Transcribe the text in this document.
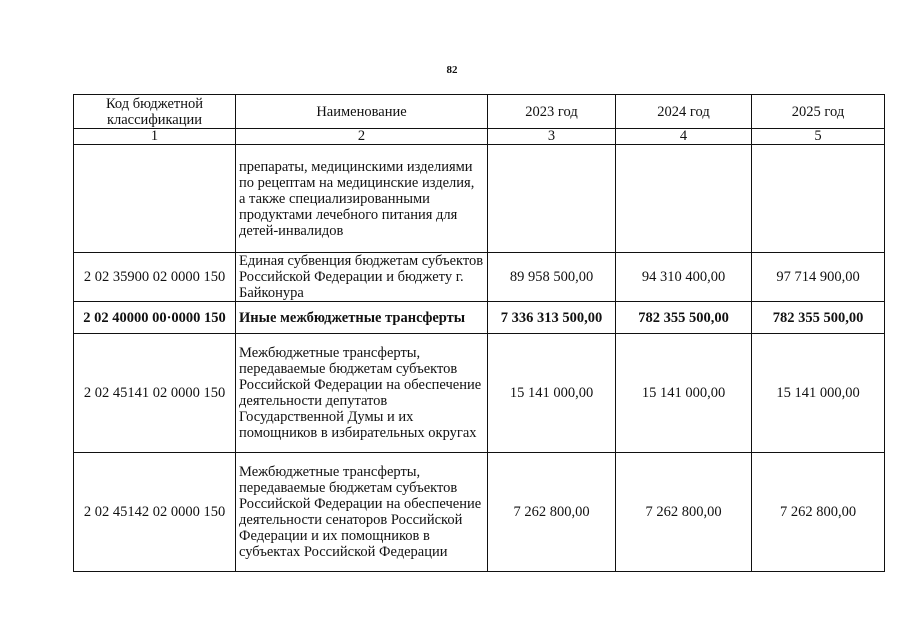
82
Код бюджетной классификации	Наименование	2023 год	2024 год	2025 год
1	2	3	4	5
	препараты, медицинскими изделиями по рецептам на медицинские изделия, а также специализированными продуктами лечебного питания для детей-инвалидов			
2 02 35900 02 0000 150	Единая субвенция бюджетам субъектов Российской Федерации и бюджету г. Байконура	89 958 500,00	94 310 400,00	97 714 900,00
2 02 40000 00·0000 150	Иные межбюджетные трансферты	7 336 313 500,00	782 355 500,00	782 355 500,00
2 02 45141 02 0000 150	Межбюджетные трансферты, передаваемые бюджетам субъектов Российской Федерации на обеспечение деятельности депутатов Государственной Думы и их помощников в избирательных округах	15 141 000,00	15 141 000,00	15 141 000,00
2 02 45142 02 0000 150	Межбюджетные трансферты, передаваемые бюджетам субъектов Российской Федерации на обеспечение деятельности сенаторов Российской Федерации и их помощников в субъектах Российской Федерации	7 262 800,00	7 262 800,00	7 262 800,00
